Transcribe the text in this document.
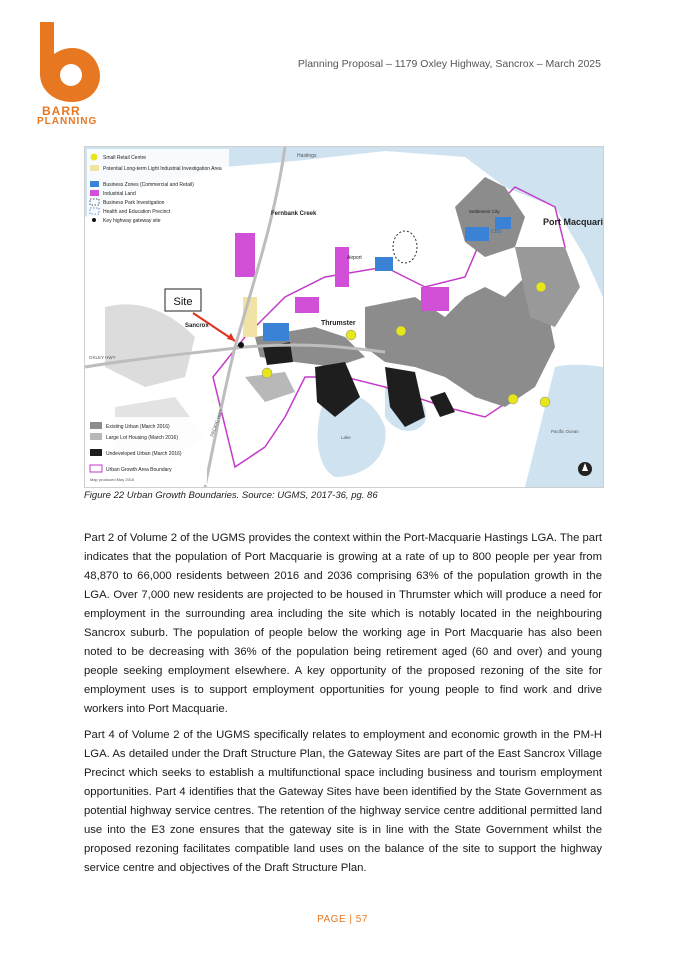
BARR
PLANNING
Planning Proposal – 1179 Oxley Highway, Sancrox – March 2025
Site
Port Macquarie
Thrumster
Fernbank Creek
Sancrox
Airport
Settlement City
CBD
Hastings
Lake
Pacific Ocean
OXLEY HWY
PACIFIC HWY
Small Retail Centre
Potential Long-term Light Industrial Investigation Area
Business Zones (Commercial and Retail)
Industrial Land
Business Park Investigation
Health and Education Precinct
Key highway gateway site
Existing Urban (March 2016)
Large Lot Housing (March 2016)
Undeveloped Urban (March 2016)
Urban Growth Area Boundary
Map produced May 2016
Figure 22 Urban Growth Boundaries. Source: UGMS, 2017-36, pg. 86

Part 2 of Volume 2 of the UGMS provides the context within the Port-Macquarie Hastings LGA. The part indicates that the population of Port Macquarie is growing at a rate of up to 800 people per year from 48,870 to 66,000 residents between 2016 and 2036 comprising 63% of the population growth in the LGA. Over 7,000 new residents are projected to be housed in Thrumster which will produce a need for employment in the surrounding area including the site which is notably located in the neighbouring Sancrox suburb. The population of people below the working age in Port Macquarie has also been noted to be decreasing with 36% of the population being retirement aged (60 and over) and young people seeking employment elsewhere. A key opportunity of the proposed rezoning of the site for employment uses is to support employment opportunities for young people to find work and drive workers into Port Macquarie.

Part 4 of Volume 2 of the UGMS specifically relates to employment and economic growth in the PM-H LGA. As detailed under the Draft Structure Plan, the Gateway Sites are part of the East Sancrox Village Precinct which seeks to establish a multifunctional space including business and tourism employment opportunities. Part 4 identifies that the Gateway Sites have been identified by the State Government as potential highway service centres. The retention of the highway service centre additional permitted land use into the E3 zone ensures that the gateway site is in line with the State Government whilst the proposed rezoning facilitates compatible land uses on the balance of the site to support the highway service centre and objectives of the Draft Structure Plan.

PAGE | 57
